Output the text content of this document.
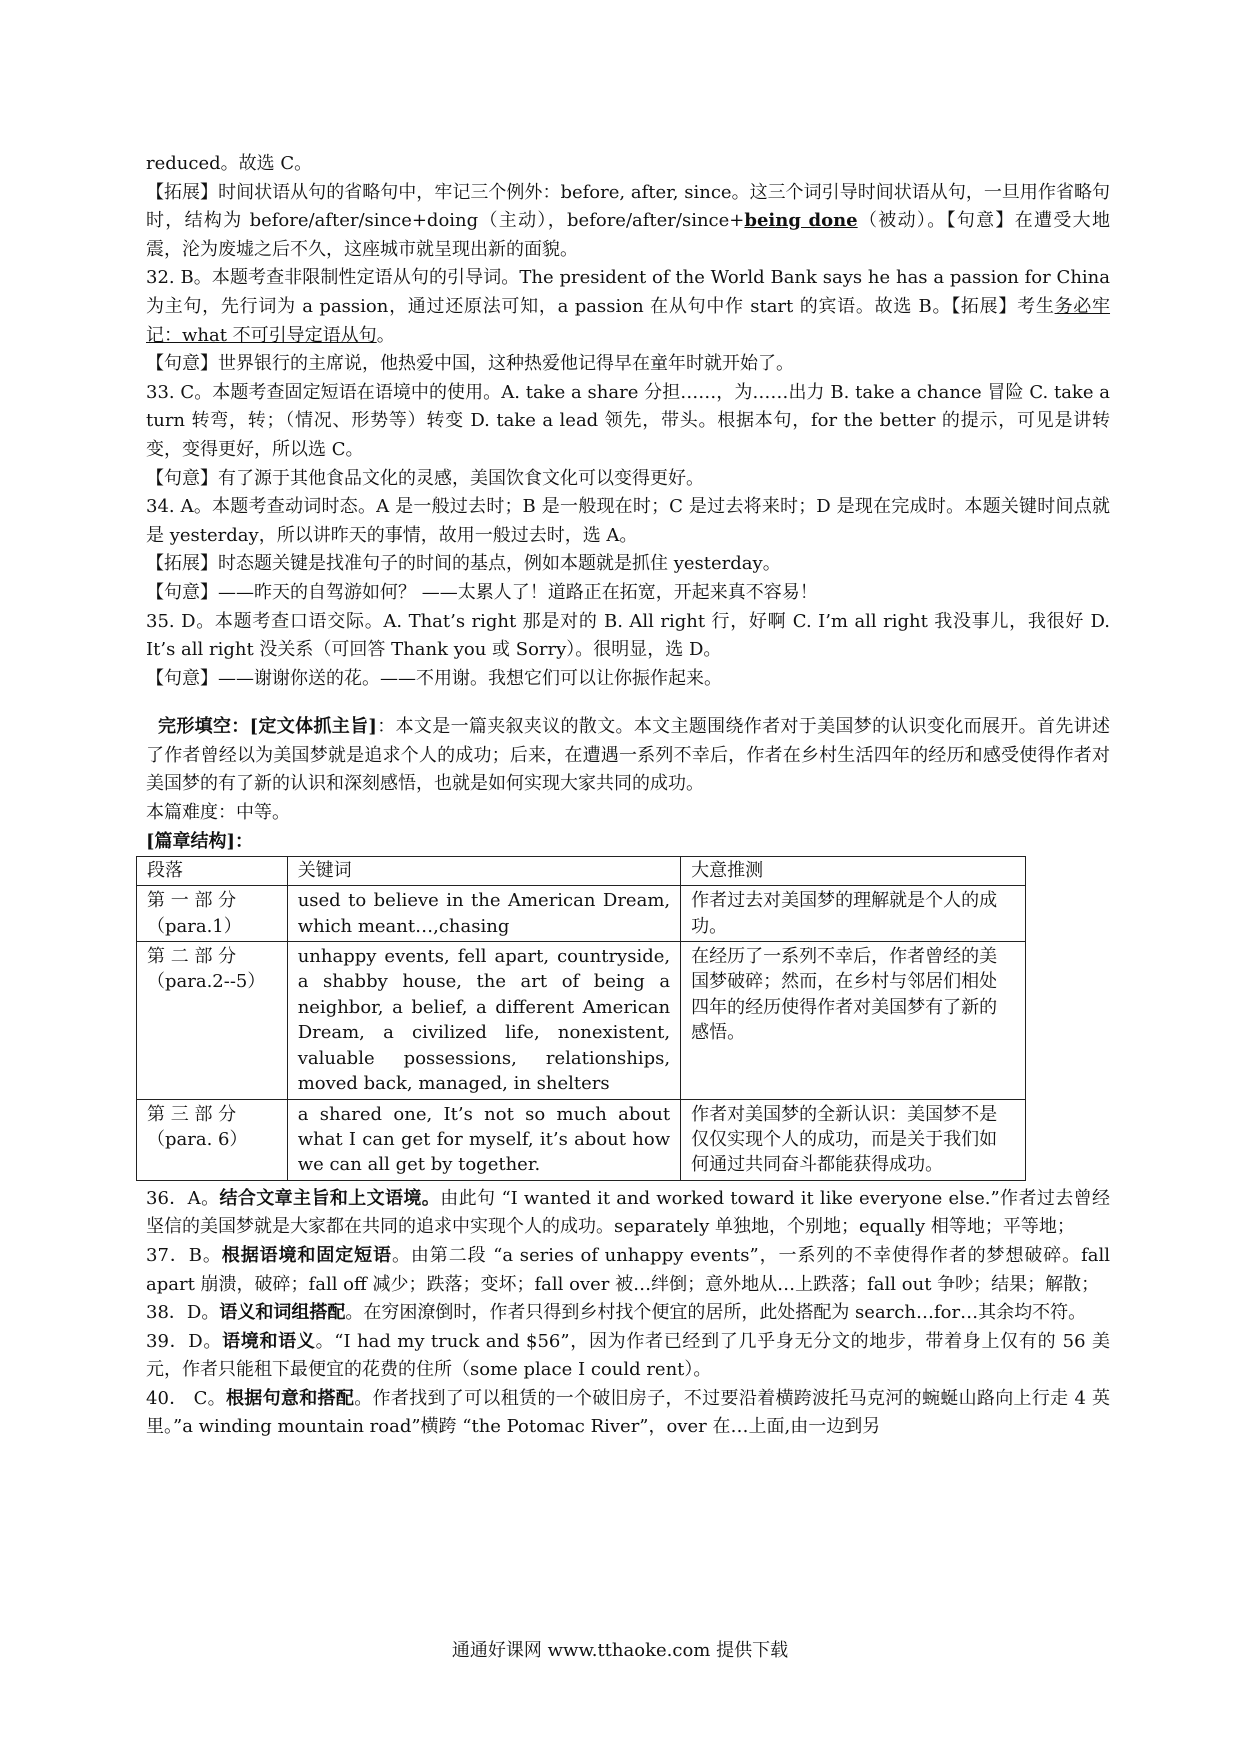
reduced。故选 C。

【拓展】时间状语从句的省略句中，牢记三个例外：before, after, since。这三个词引导时间状语从句，一旦用作省略句时，结构为 before/after/since+doing（主动），before/after/since+being done（被动）。【句意】在遭受大地震，沦为废墟之后不久，这座城市就呈现出新的面貌。

32. B。本题考查非限制性定语从句的引导词。The president of the World Bank says he has a passion for China 为主句，先行词为 a passion，通过还原法可知，a passion 在从句中作 start 的宾语。故选 B。【拓展】考生务必牢记：what 不可引导定语从句。

【句意】世界银行的主席说，他热爱中国，这种热爱他记得早在童年时就开始了。

33. C。本题考查固定短语在语境中的使用。A. take a share 分担……，为……出力 B. take a chance 冒险 C. take a turn 转弯，转；（情况、形势等）转变 D. take a lead 领先，带头。根据本句，for the better 的提示，可见是讲转变，变得更好，所以选 C。

【句意】有了源于其他食品文化的灵感，美国饮食文化可以变得更好。

34. A。本题考查动词时态。A 是一般过去时；B 是一般现在时；C 是过去将来时；D 是现在完成时。本题关键时间点就是 yesterday，所以讲昨天的事情，故用一般过去时，选 A。

【拓展】时态题关键是找准句子的时间的基点，例如本题就是抓住 yesterday。

【句意】——昨天的自驾游如何？ ——太累人了！道路正在拓宽，开起来真不容易！

35. D。本题考查口语交际。A. That’s right 那是对的 B. All right 行，好啊 C. I’m all right 我没事儿，我很好 D. It’s all right 没关系（可回答 Thank you 或 Sorry）。很明显，选 D。

【句意】——谢谢你送的花。——不用谢。我想它们可以让你振作起来。

完形填空：[定文体抓主旨]：本文是一篇夹叙夹议的散文。本文主题围绕作者对于美国梦的认识变化而展开。首先讲述了作者曾经以为美国梦就是追求个人的成功；后来，在遭遇一系列不幸后，作者在乡村生活四年的经历和感受使得作者对美国梦的有了新的认识和深刻感悟，也就是如何实现大家共同的成功。

本篇难度：中等。

[篇章结构]：

段落	关键词	大意推测

第 一 部 分
（para.1）	used to believe in the American Dream, which meant…,chasing	作者过去对美国梦的理解就是个人的成功。

第 二 部 分
（para.2--5）	unhappy events, fell apart, countryside, a shabby house, the art of being a neighbor, a belief, a different American Dream, a civilized life, nonexistent, valuable possessions, relationships, moved back, managed, in shelters	在经历了一系列不幸后，作者曾经的美国梦破碎；然而，在乡村与邻居们相处四年的经历使得作者对美国梦有了新的感悟。

第 三 部 分
（para. 6）	a shared one, It’s not so much about what I can get for myself, it’s about how we can all get by together.	作者对美国梦的全新认识：美国梦不是仅仅实现个人的成功，而是关于我们如何通过共同奋斗都能获得成功。

36．A。结合文章主旨和上文语境。由此句 “I wanted it and worked toward it like everyone else.”作者过去曾经坚信的美国梦就是大家都在共同的追求中实现个人的成功。separately 单独地，个别地；equally 相等地；平等地；

37．B。根据语境和固定短语。由第二段 “a series of unhappy events”，一系列的不幸使得作者的梦想破碎。fall apart 崩溃，破碎；fall off 减少；跌落；变坏；fall over 被…绊倒；意外地从…上跌落；fall out 争吵；结果；解散；

38．D。语义和词组搭配。在穷困潦倒时，作者只得到乡村找个便宜的居所，此处搭配为 search…for…其余均不符。

39．D。语境和语义。“I had my truck and $56”，因为作者已经到了几乎身无分文的地步，带着身上仅有的 56 美元，作者只能租下最便宜的花费的住所（some place I could rent）。

40． C。根据句意和搭配。作者找到了可以租赁的一个破旧房子，不过要沿着横跨波托马克河的蜿蜒山路向上行走 4 英里。”a winding mountain road”横跨 “the Potomac River”，over 在…上面,由一边到另

通通好课网 www.tthaoke.com 提供下载
